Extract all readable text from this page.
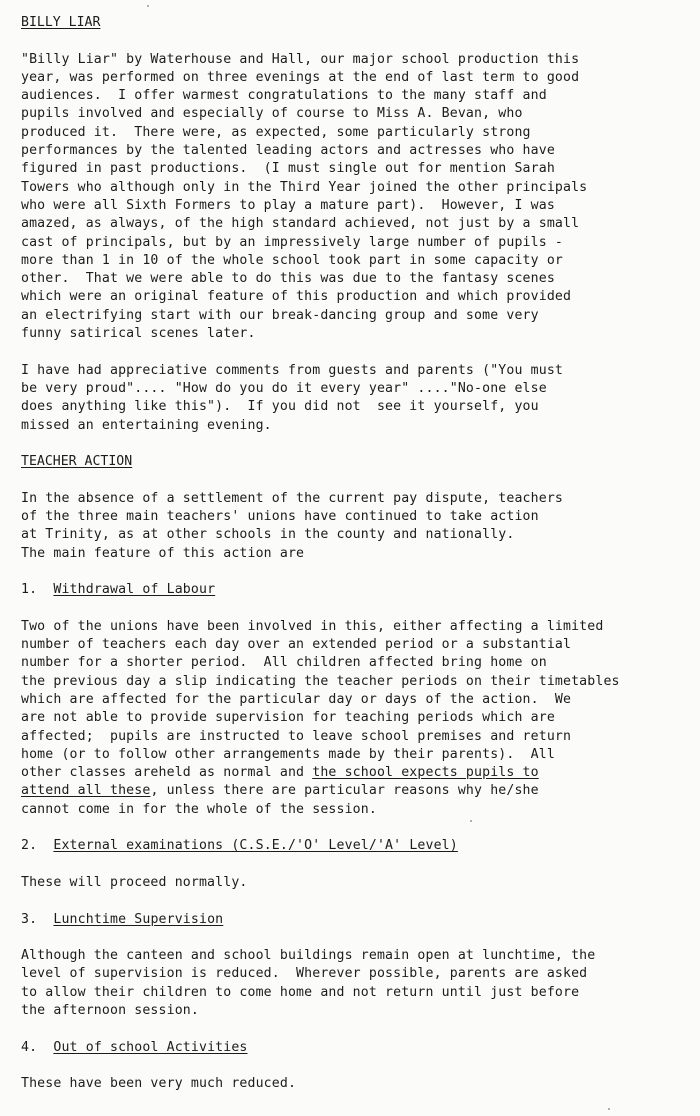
BILLY LIAR
"Billy Liar" by Waterhouse and Hall, our major school production this
year, was performed on three evenings at the end of last term to good
audiences.  I offer warmest congratulations to the many staff and
pupils involved and especially of course to Miss A. Bevan, who
produced it.  There were, as expected, some particularly strong
performances by the talented leading actors and actresses who have
figured in past productions.  (I must single out for mention Sarah
Towers who although only in the Third Year joined the other principals
who were all Sixth Formers to play a mature part).  However, I was
amazed, as always, of the high standard achieved, not just by a small
cast of principals, but by an impressively large number of pupils -
more than 1 in 10 of the whole school took part in some capacity or
other.  That we were able to do this was due to the fantasy scenes
which were an original feature of this production and which provided
an electrifying start with our break-dancing group and some very
funny satirical scenes later.
I have had appreciative comments from guests and parents ("You must
be very proud".... "How do you do it every year" ...."No-one else
does anything like this").  If you did not  see it yourself, you
missed an entertaining evening.
TEACHER ACTION
In the absence of a settlement of the current pay dispute, teachers
of the three main teachers' unions have continued to take action
at Trinity, as at other schools in the county and nationally.
The main feature of this action are
1. Withdrawal of Labour
Two of the unions have been involved in this, either affecting a limited
number of teachers each day over an extended period or a substantial
number for a shorter period.  All children affected bring home on
the previous day a slip indicating the teacher periods on their timetables
which are affected for the particular day or days of the action.  We
are not able to provide supervision for teaching periods which are
affected;  pupils are instructed to leave school premises and return
home (or to follow other arrangements made by their parents).  All
other classes areheld as normal and the school expects pupils to
attend all these, unless there are particular reasons why he/she
cannot come in for the whole of the session.
2. External examinations (C.S.E./'O' Level/'A' Level)
These will proceed normally.
3. Lunchtime Supervision
Although the canteen and school buildings remain open at lunchtime, the
level of supervision is reduced.  Wherever possible, parents are asked
to allow their children to come home and not return until just before
the afternoon session.
4. Out of school Activities
These have been very much reduced.
